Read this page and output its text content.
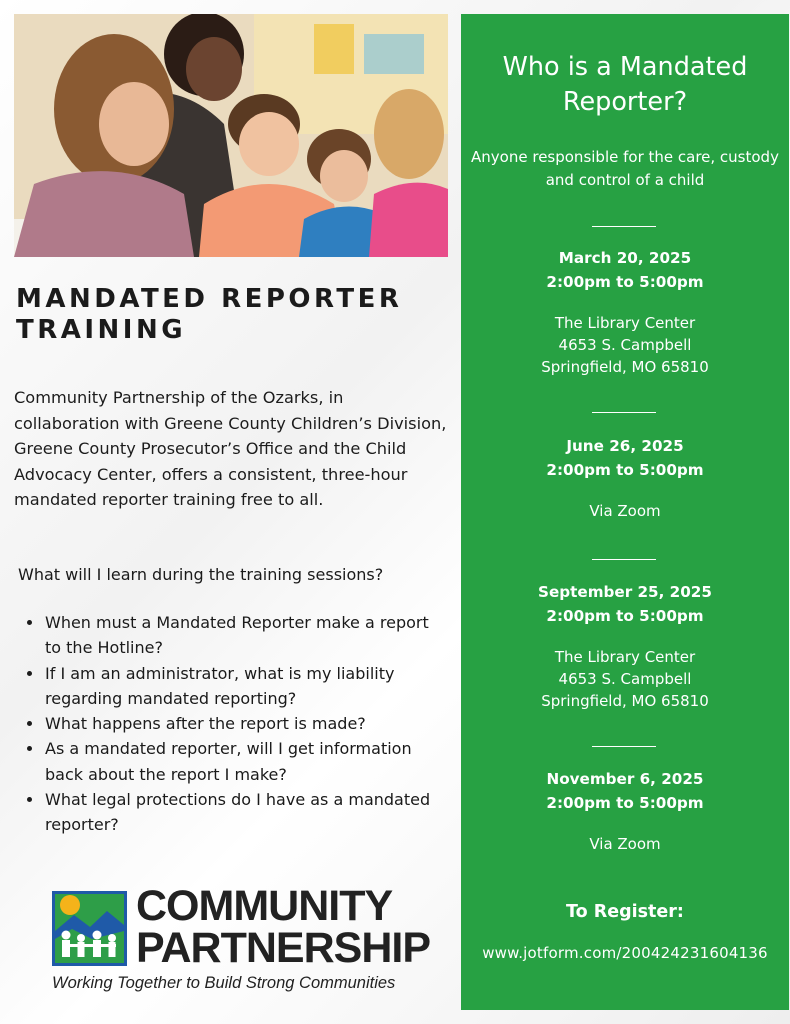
MANDATED REPORTER
TRAINING

Community Partnership of the Ozarks, in collaboration with Greene County Children’s Division, Greene County Prosecutor’s Office and the Child Advocacy Center, offers a consistent, three-hour mandated reporter training free to all.

What will I learn during the training sessions?

When must a Mandated Reporter make a report to the Hotline?
If I am an administrator, what is my liability regarding mandated reporting?
What happens after the report is made?
As a mandated reporter, will I get information back about the report I make?
What legal protections do I have as a mandated reporter?

COMMUNITY

PARTNERSHIP

Working Together to Build Strong Communities

Who is a Mandated Reporter?

Anyone responsible for the care, custody and control of a child

March 20, 2025

2:00pm to 5:00pm

The Library Center
4653 S. Campbell
Springfield, MO 65810

June 26, 2025

2:00pm to 5:00pm

Via Zoom

September 25, 2025

2:00pm to 5:00pm

The Library Center
4653 S. Campbell
Springfield, MO 65810

November 6, 2025

2:00pm to 5:00pm

Via Zoom

To Register:

www.jotform.com/200424231604136
